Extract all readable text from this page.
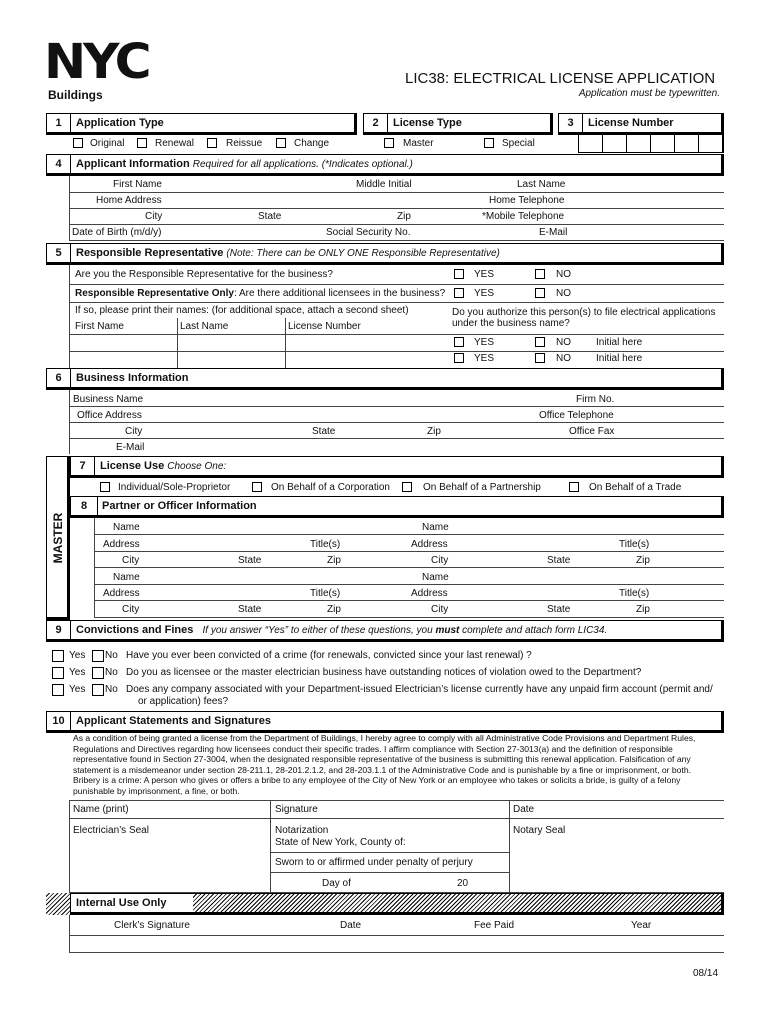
NYC
Buildings
LIC38: ELECTRICAL LICENSE APPLICATION
Application must be typewritten.
1	Application Type	2	License Type	3	License Number
Original	Renewal	Reissue	Change	Master	Special
4	Applicant Information Required for all applications. (*Indicates optional.)
First Name	Middle Initial	Last Name
Home Address	Home Telephone
City	State	Zip	*Mobile Telephone
Date of Birth (m/d/y)	Social Security No.	E-Mail
5	Responsible Representative (Note: There can be ONLY ONE Responsible Representative)
Are you the Responsible Representative for the business?	YES	NO
Responsible Representative Only: Are there additional licensees in the business?	YES	NO
If so, please print their names: (for additional space, attach a second sheet)	Do you authorize this person(s) to file electrical applications under the business name?
First Name	Last Name	License Number
YES	NO	Initial here
YES	NO	Initial here
6	Business Information
Business Name	Firm No.
Office Address	Office Telephone
City	State	Zip	Office Fax
E-Mail
MASTER
7	License Use Choose One:
Individual/Sole-Proprietor	On Behalf of a Corporation	On Behalf of a Partnership	On Behalf of a Trade
8	Partner or Officer Information
Name	Name
Address	Title(s)	Address	Title(s)
City	State	Zip	City	State	Zip
Name	Name
Address	Title(s)	Address	Title(s)
City	State	Zip	City	State	Zip
9	Convictions and Fines If you answer “Yes” to either of these questions, you must complete and attach form LIC34.
Yes No Have you ever been convicted of a crime (for renewals, convicted since your last renewal) ?
Yes No Do you as licensee or the master electrician business have outstanding notices of violation owed to the Department?
Yes No Does any company associated with your Department-issued Electrician’s license currently have any unpaid firm account (permit and/
or application) fees?
10	Applicant Statements and Signatures
As a condition of being granted a license from the Department of Buildings, I hereby agree to comply with all Administrative Code Provisions and Department Rules,
Regulations and Directives regarding how licensees conduct their specific trades. I affirm compliance with Section 27-3013(a) and the definition of responsible
representative found in Section 27-3004, when the designated responsible representative of the business is submitting this renewal application. Falsification of any
statement is a misdemeanor under section 28-211.1, 28-201.2.1.2, and 28-203.1.1 of the Administrative Code and is punishable by a fine or imprisonment, or both.
Bribery is a crime: A person who gives or offers a bribe to any employee of the City of New York or an employee who takes or solicits a bride, is guilty of a felony
punishable by imprisonment, a fine, or both.
Name (print)	Signature	Date
Electrician’s Seal	Notarization
State of New York, County of:
Notary Seal
Sworn to or affirmed under penalty of perjury
Day of	20
Internal Use Only
Clerk’s Signature	Date	Fee Paid	Year
08/14
